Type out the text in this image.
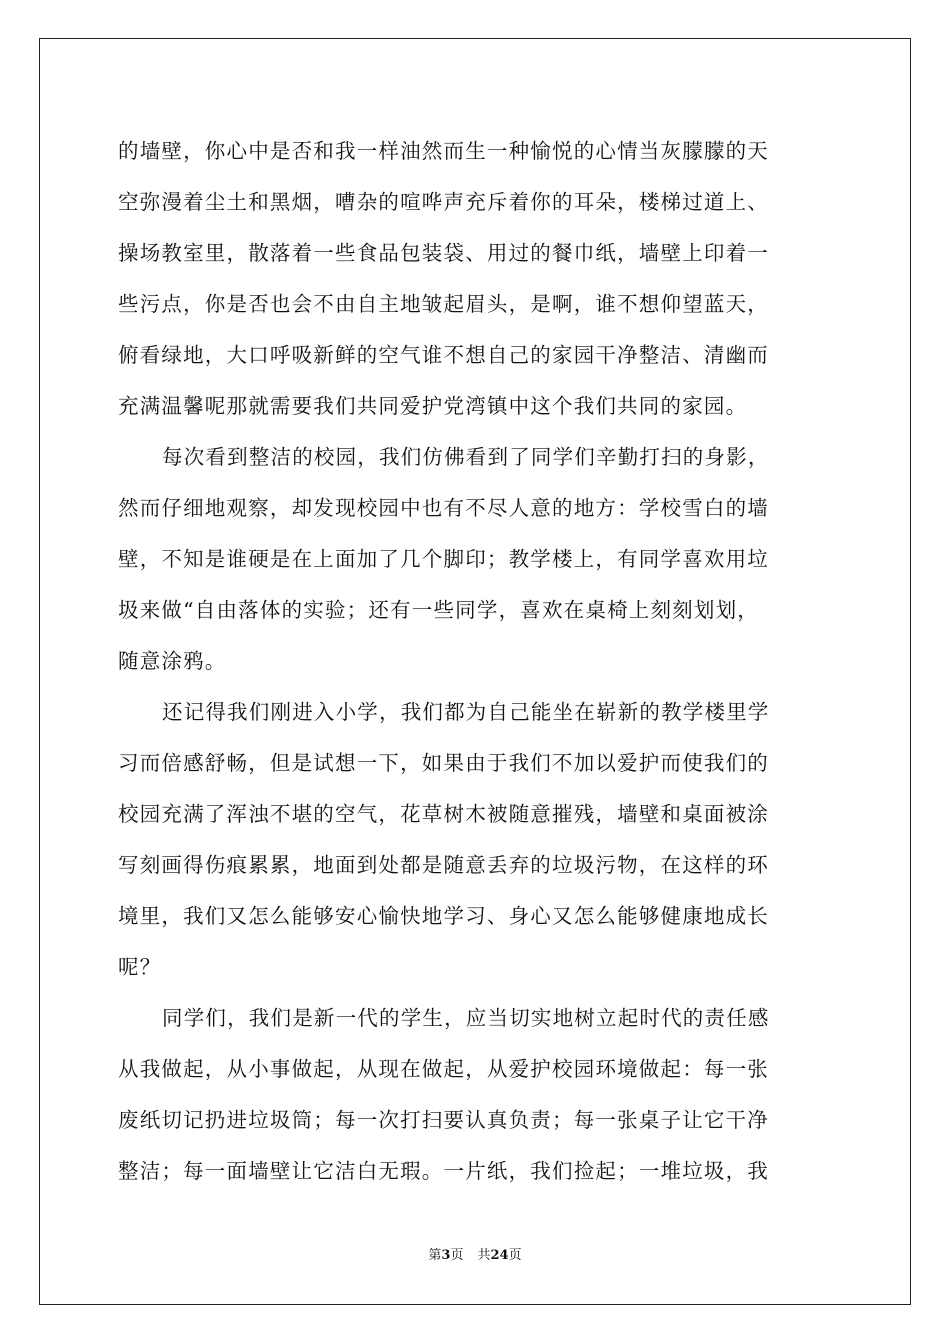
的墙壁，你心中是否和我一样油然而生一种愉悦的心情当灰朦朦的天
空弥漫着尘土和黑烟，嘈杂的喧哗声充斥着你的耳朵，楼梯过道上、
操场教室里，散落着一些食品包装袋、用过的餐巾纸，墙壁上印着一
些污点，你是否也会不由自主地皱起眉头，是啊，谁不想仰望蓝天，
俯看绿地，大口呼吸新鲜的空气谁不想自己的家园干净整洁、清幽而
充满温馨呢那就需要我们共同爱护党湾镇中这个我们共同的家园。
每次看到整洁的校园，我们仿佛看到了同学们辛勤打扫的身影，
然而仔细地观察，却发现校园中也有不尽人意的地方：学校雪白的墙
壁，不知是谁硬是在上面加了几个脚印；教学楼上，有同学喜欢用垃
圾来做“自由落体的实验；还有一些同学，喜欢在桌椅上刻刻划划，
随意涂鸦。
还记得我们刚进入小学，我们都为自己能坐在崭新的教学楼里学
习而倍感舒畅，但是试想一下，如果由于我们不加以爱护而使我们的
校园充满了浑浊不堪的空气，花草树木被随意摧残，墙壁和桌面被涂
写刻画得伤痕累累，地面到处都是随意丢弃的垃圾污物，在这样的环
境里，我们又怎么能够安心愉快地学习、身心又怎么能够健康地成长
呢？
同学们，我们是新一代的学生，应当切实地树立起时代的责任感
从我做起，从小事做起，从现在做起，从爱护校园环境做起：每一张
废纸切记扔进垃圾筒；每一次打扫要认真负责；每一张桌子让它干净
整洁；每一面墙壁让它洁白无瑕。一片纸，我们捡起；一堆垃圾，我
第3页 共24页
